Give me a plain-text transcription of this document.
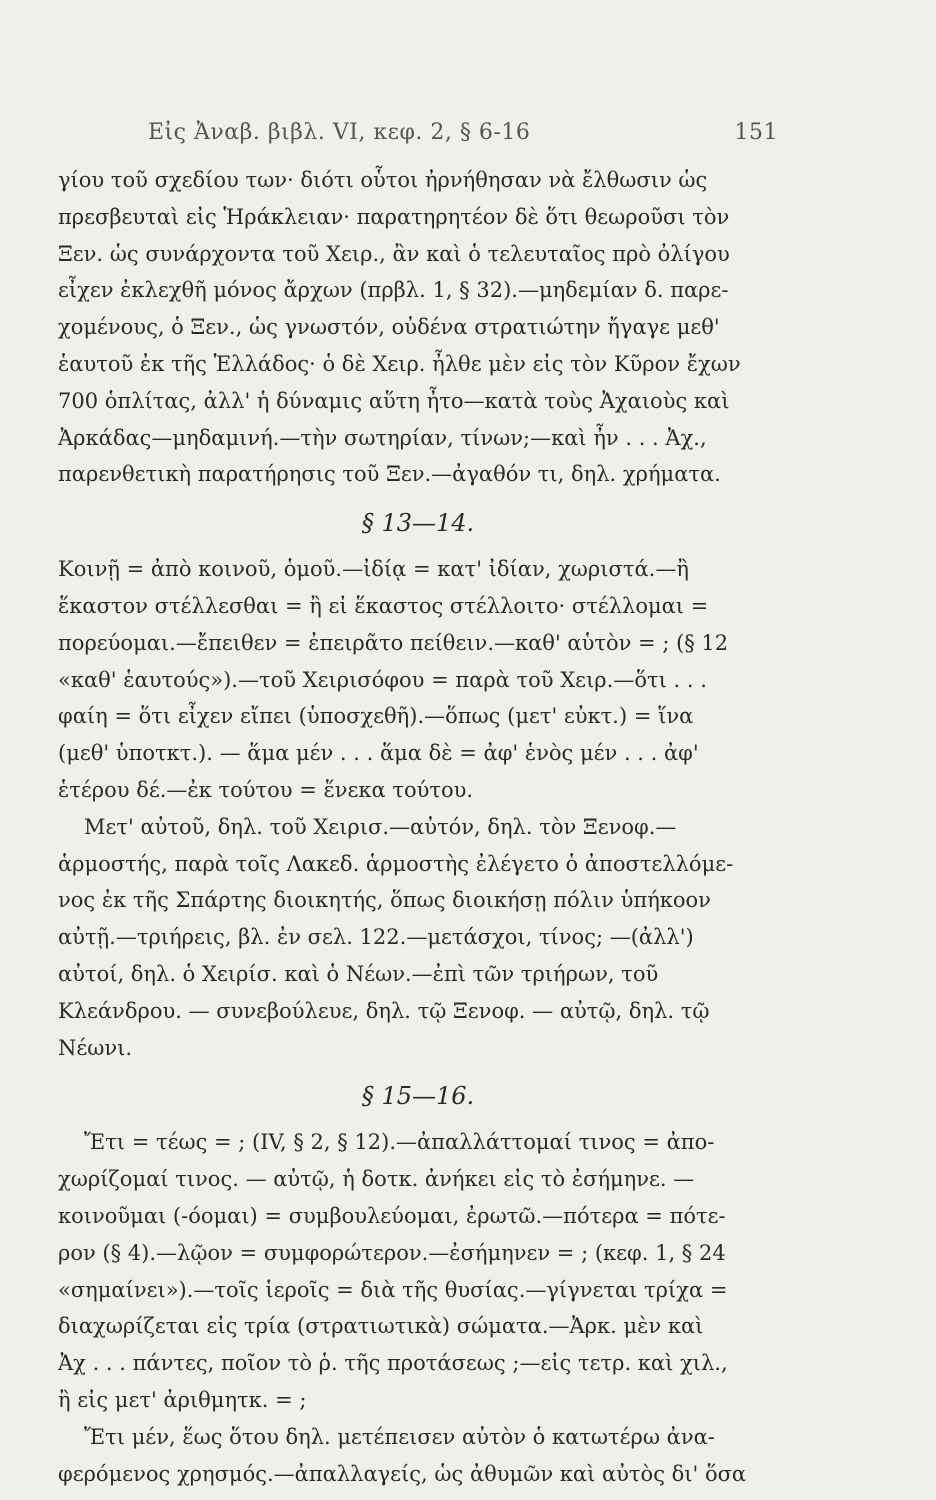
Εἰς Ἀναβ. βιβλ. VI, κεφ. 2, § 6-16	151
γίου τοῦ σχεδίου των· διότι οὗτοι ἠρνήθησαν νὰ ἔλθωσιν ὡς
πρεσβευταὶ εἰς Ἡράκλειαν· παρατηρητέον δὲ ὅτι θεωροῦσι τὸν
Ξεν. ὡς συνάρχοντα τοῦ Χειρ., ἂν καὶ ὁ τελευταῖος πρὸ ὀλίγου
εἶχεν ἐκλεχθῆ μόνος ἄρχων (πρβλ. 1, § 32).—μηδεμίαν δ. παρε-
χομένους, ὁ Ξεν., ὡς γνωστόν, οὐδένα στρατιώτην ἤγαγε μεθ'
ἑαυτοῦ ἐκ τῆς Ἑλλάδος· ὁ δὲ Χειρ. ἦλθε μὲν εἰς τὸν Κῦρον ἔχων
700 ὁπλίτας, ἀλλ' ἡ δύναμις αὕτη ἦτο—κατὰ τοὺς Ἀχαιοὺς καὶ
Ἀρκάδας—μηδαμινή.—τὴν σωτηρίαν, τίνων;—καὶ ἦν . . . Ἀχ.,
παρενθετικὴ παρατήρησις τοῦ Ξεν.—ἀγαθόν τι, δηλ. χρήματα.
§ 13—14.
Κοινῇ = ἀπὸ κοινοῦ, ὁμοῦ.—ἰδίᾳ = κατ' ἰδίαν, χωριστά.—ἢ
ἕκαστον στέλλεσθαι = ἢ εἰ ἕκαστος στέλλοιτο· στέλλομαι =
πορεύομαι.—ἔπειθεν = ἐπειρᾶτο πείθειν.—καθ' αὑτὸν = ; (§ 12
«καθ' ἑαυτούς»).—τοῦ Χειρισόφου = παρὰ τοῦ Χειρ.—ὅτι . . .
φαίη = ὅτι εἶχεν εἴπει (ὑποσχεθῆ).—ὅπως (μετ' εὐκτ.) = ἵνα
(μεθ' ὑποτκτ.). — ἅμα μέν . . . ἅμα δὲ = ἀφ' ἑνὸς μέν . . . ἀφ'
ἑτέρου δέ.—ἐκ τούτου = ἕνεκα τούτου.
Μετ' αὐτοῦ, δηλ. τοῦ Χειρισ.—αὐτόν, δηλ. τὸν Ξενοφ.—
ἁρμοστής, παρὰ τοῖς Λακεδ. ἁρμοστὴς ἐλέγετο ὁ ἀποστελλόμε-
νος ἐκ τῆς Σπάρτης διοικητής, ὅπως διοικήσῃ πόλιν ὑπήκοον
αὐτῇ.—τριήρεις, βλ. ἐν σελ. 122.—μετάσχοι, τίνος; —(ἀλλ')
αὐτοί, δηλ. ὁ Χειρίσ. καὶ ὁ Νέων.—ἐπὶ τῶν τριήρων, τοῦ
Κλεάνδρου. — συνεβούλευε, δηλ. τῷ Ξενοφ. — αὐτῷ, δηλ. τῷ
Νέωνι.
§ 15—16.
Ἔτι = τέως = ; (IV, § 2, § 12).—ἀπαλλάττομαί τινος = ἀπο-
χωρίζομαί τινος. — αὐτῷ, ἡ δοτκ. ἀνήκει εἰς τὸ ἐσήμηνε. —
κοινοῦμαι (-όομαι) = συμβουλεύομαι, ἐρωτῶ.—πότερα = πότε-
ρον (§ 4).—λῷον = συμφορώτερον.—ἐσήμηνεν = ; (κεφ. 1, § 24
«σημαίνει»).—τοῖς ἱεροῖς = διὰ τῆς θυσίας.—γίγνεται τρίχα =
διαχωρίζεται εἰς τρία (στρατιωτικὰ) σώματα.—Ἀρκ. μὲν καὶ
Ἀχ . . . πάντες, ποῖον τὸ ῥ. τῆς προτάσεως ;—εἰς τετρ. καὶ χιλ.,
ἢ εἰς μετ' ἀριθμητκ. = ;
Ἔτι μέν, ἕως ὅτου δηλ. μετέπεισεν αὐτὸν ὁ κατωτέρω ἀνα-
φερόμενος χρησμός.—ἀπαλλαγείς, ὡς ἀθυμῶν καὶ αὐτὸς δι' ὅσα
